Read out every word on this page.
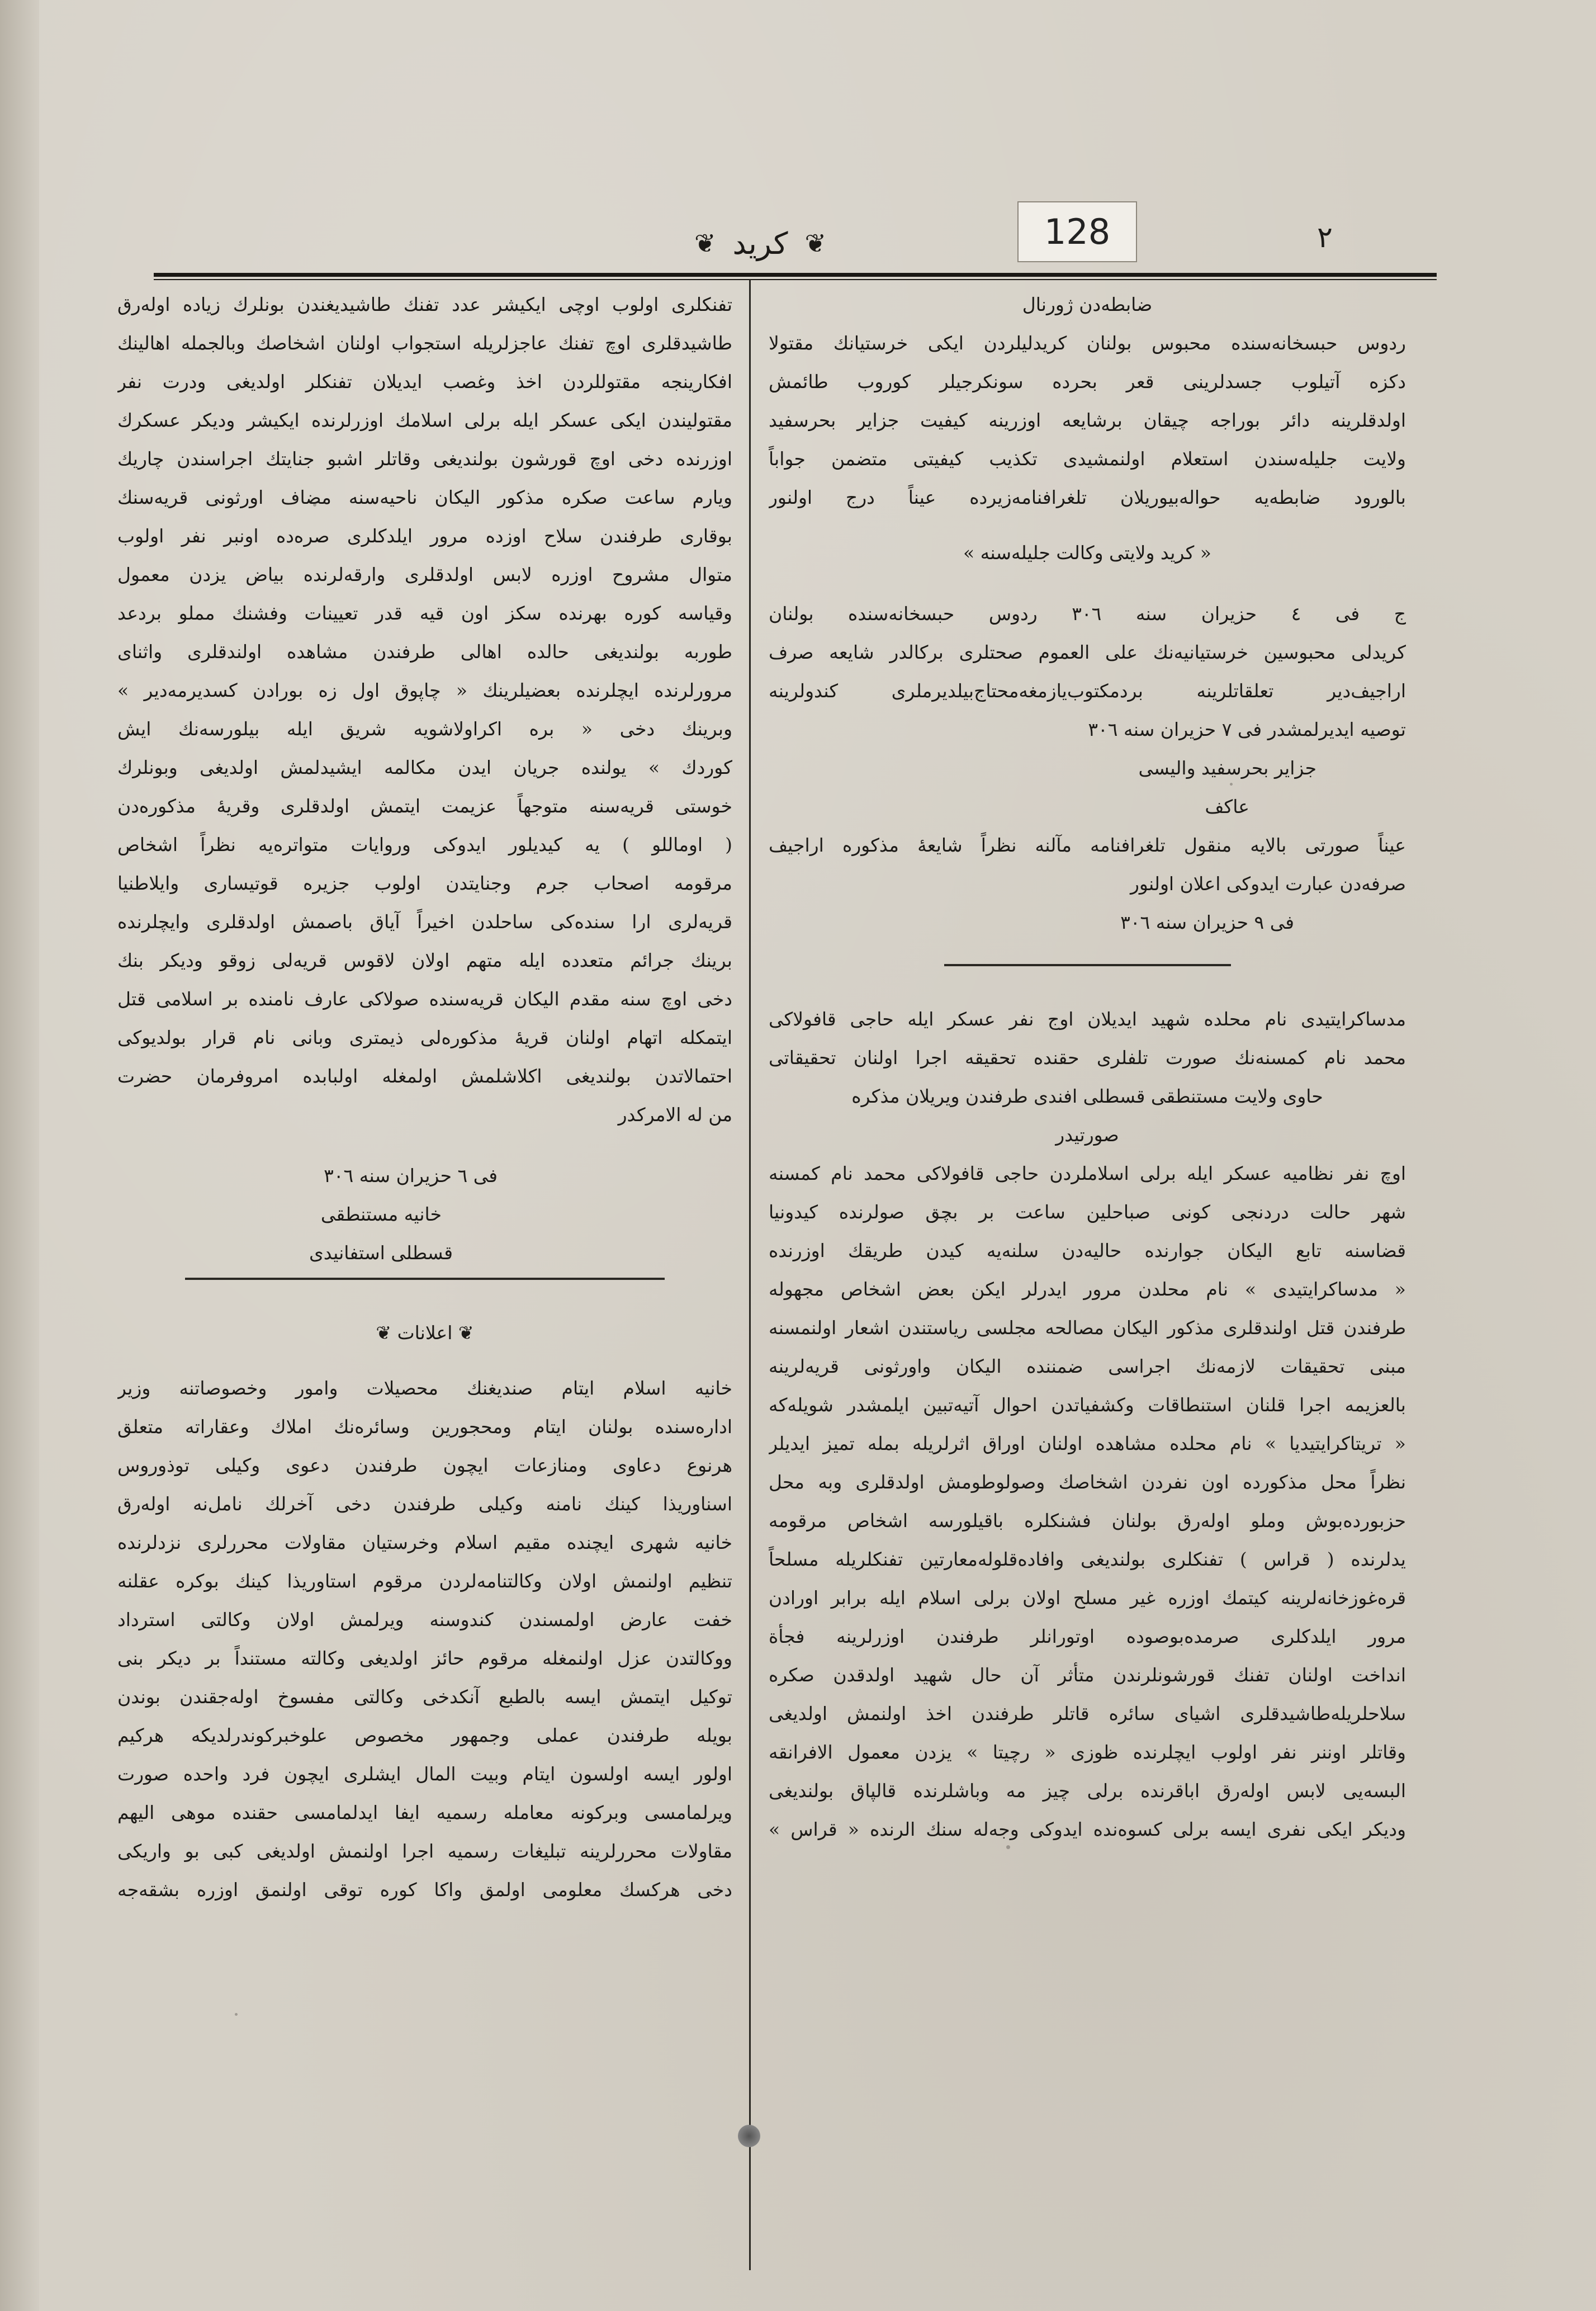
❦ کرید ❦	128	۲

ضابطه‌دن ژورنال

ردوس حبسخانه‌سنده محبوس بولنان کریدلیلردن ایکی خرستیانك مقتولا

دکزه آتیلوب جسدلرینی قعر بحرده سونکرجیلر کوروب طائمش

اولدقلرینه دائر بوراجه چیقان برشایعه اوزرینه کیفیت جزایر بحرسفید

ولایت جلیله‌سندن استعلام اولنمشیدی تکذیب کیفیتی متضمن جواباً

بالورود ضابطه‌یه حواله‌بیوریلان تلغرافنامه‌زیرده عیناً درج اولنور

« کرید ولایتی وکالت جلیله‌سنه »

ج فی ٤ حزیران سنه ٣٠٦ ردوس حبسخانه‌سنده بولنان

کریدلی محبوسین خرستیانیه‌نك علی العموم صحتلری برکالدر شایعه صرف

اراجیف‌دیر تعلقاتلرینه بردمکتوب‌یازمغه‌محتاج‌بیلدیرملری کندولرینه

توصیه ایدیرلمشدر فی ٧ حزیران سنه ٣٠٦

جزایر بحرسفید والیسی

عاکف

عیناً صورتی بالایه منقول تلغرافنامه مآلنه نظراً شایعهٔ مذکوره اراجیف

صرفه‌دن عبارت ایدوکی اعلان اولنور

فی ٩ حزیران سنه ٣٠٦

مدساکرایتیدی نام محلده شهید ایدیلان اوج نفر عسکر ایله حاجی قافولاکی

محمد نام کمسنه‌نك صورت تلفلری حقنده تحقیقه اجرا اولنان تحقیقاتی

حاوی ولایت مستنطقی قسطلی افندی طرفندن ویریلان مذکره

صورتیدر

اوچ نفر نظامیه عسکر ایله برلی اسلاملردن حاجی قافولاکی محمد نام کمسنه

شهر حالت دردنجی کونی صباحلین ساعت بر بچق صولرنده کیدونیا

قضاسنه تابع الیکان جوارنده حالیه‌دن سلنه‌یه کیدن طریقك اوزرنده

« مدساکرایتیدی » نام محلدن مرور ایدرلر ایکن بعض اشخاص مجهوله

طرفندن قتل اولندقلری مذکور الیکان مصالحه مجلسی ریاستندن اشعار اولنمسنه

مبنی تحقیقات لازمه‌نك اجراسی ضمننده الیکان واورثونی قریه‌لرینه

بالعزیمه اجرا قلنان استنطاقات وکشفیاتدن احوال آتیه‌تبین ایلمشدر شویله‌که

« تریتاکرایتیدیا » نام محلده مشاهده اولنان اوراق اثرلریله بمله تمیز ایدیلر

نظراً محل مذکورده اون نفردن اشخاصك وصولوطومش اولدقلری وبه محل

حزبورده‌بوش وملو اوله‌رق بولنان فشنکلره باقیلورسه اشخاص مرقومه

یدلرنده ( قراس ) تفنکلری بولندیغی وافاده‌قلوله‌معارتین تفنکلریله مسلحاً

قره‌غوزخانه‌لرینه کیتمك اوزره غیر مسلح اولان برلی اسلام ایله برابر اورادن

مرور ایلدکلری صرمده‌بوصوده اوتورانلر طرفندن اوزرلرینه فجأة

انداخت اولنان تفنك قورشونلرندن متأثر آن حال شهید اولدقدن صکره

سلاحلریله‌طاشیدقلری اشیای سائره قاتلر طرفندن اخذ اولنمش اولدیغی

وقاتلر اوننر نفر اولوب ایچلرنده ظوزی « رچیتا » یزدن معمول الافرانقه

البسه‌یی لابس اوله‌رق اباقرنده برلی چیز مه وباشلرنده قالپاق بولندیغی

ودیکر ایکی نفری ایسه برلی کسوه‌نده ایدوکی وجه‌له سنك الرنده « قراس »

تفنکلری اولوب اوچی ایکیشر عدد تفنك طاشیدیغندن بونلرك زیاده اوله‌رق

طاشیدقلری اوچ تفنك عاجزلریله استجواب اولنان اشخاصك وبالجمله اهالینك

افکارینجه مقتوللردن اخذ وغصب ایدیلان تفنکلر اولدیغی ودرت نفر

مقتولیندن ایکی عسکر ایله برلی اسلامك اوزرلرنده ایکیشر ودیکر عسکرك

اوزرنده دخی اوچ قورشون بولندیغی وقاتلر اشبو جنایتك اجراسندن چاریك

ویارم ساعت صکره مذکور الیکان ناحیه‌سنه مضاف اورثونی قریه‌سنك

بوقاری طرفندن سلاح اوزده مرور ایلدکلری صره‌ده اونبر نفر اولوب

متوال مشروح اوزره لابس اولدقلری وارقه‌لرنده بیاض یزدن معمول

وقیاسه کوره بهرنده سکز اون قیه قدر تعیینات وفشنك مملو بردعد

طوربه بولندیغی حالده اهالی طرفندن مشاهده اولندقلری واثنای

مرورلرنده ایچلرنده بعضیلرینك « چاپوق اول زه بورادن کسدیرمه‌دیر »

وبرینك دخی « بره اکراولاشویه شریق ایله بیلورسه‌نك ایش

کوردك » یولنده جریان ایدن مکالمه ایشیدلمش اولدیغی وبونلرك

خوستی قریه‌سنه متوجهاً عزیمت ایتمش اولدقلری وقریهٔ مذکوره‌دن

( اوماللو ) یه کیدیلور ایدوکی وروایات متواتره‌یه نظراً اشخاص

مرقومه اصحاب جرم وجنایتدن اولوب جزیره قوتیساری وایلاطنیا

قریه‌لری ارا سنده‌کی ساحلدن اخیراً آیاق باصمش اولدقلری وایچلرنده

برینك جرائم متعدده ایله متهم اولان لاقوس قریه‌لی زوقو ودیکر بنك

دخی اوچ سنه مقدم الیکان قریه‌سنده صولاکی عارف نامنده بر اسلامی قتل

ایتمکله اتهام اولنان قریهٔ مذکوره‌لی ذیمتری وبانی نام قرار بولدیوکی

احتمالاتدن بولندیغی اکلاشلمش اولمغله اولبابده امروفرمان حضرت

من له الامرکدر

فی ٦ حزیران سنه ٣٠٦

خانیه مستنطقی

قسطلی استفانیدی

❦ اعلانات ❦

خانیه اسلام ایتام صندیغنك محصیلات وامور وخصوصاتنه وزیر

اداره‌سنده بولنان ایتام ومحجورین وسائره‌نك املاك وعقاراته متعلق

هرنوع دعاوی ومنازعات ایچون طرفندن دعوی وکیلی توذوروس

اسناوریذا کینك نامنه وکیلی طرفندن دخی آخرلك نامل‌نه اوله‌رق

خانیه شهری ایچنده مقیم اسلام وخرستیان مقاولات محررلری نزدلرنده

تنظیم اولنمش اولان وکالتنامه‌لردن مرقوم استاوریذا کینك بوکره عقلنه

خفت عارض اولمسندن کندوسنه ویرلمش اولان وکالتی استرداد

ووکالتدن عزل اولنمغله مرقوم حائز اولدیغی وکالته مستنداً بر دیکر بنی

توکیل ایتمش ایسه بالطبع آنکدخی وکالتی مفسوخ اوله‌جقندن بوندن

بویله طرفندن عملی وجمهور مخصوص علوخبرکوندرلدیکه هرکیم

اولور ایسه اولسون ایتام وبیت المال ایشلری ایچون فرد واحده صورت

ویرلمامسی وبرکونه معامله‌ رسمیه ایفا ایدلمامسی حقنده موهی الیهم

مقاولات محررلرینه تبلیغات رسمیه اجرا اولنمش اولدیغی کبی بو واریکی

دخی هرکسك معلومی اولمق واکا کوره توقی اولنمق اوزره بشقه‌جه
